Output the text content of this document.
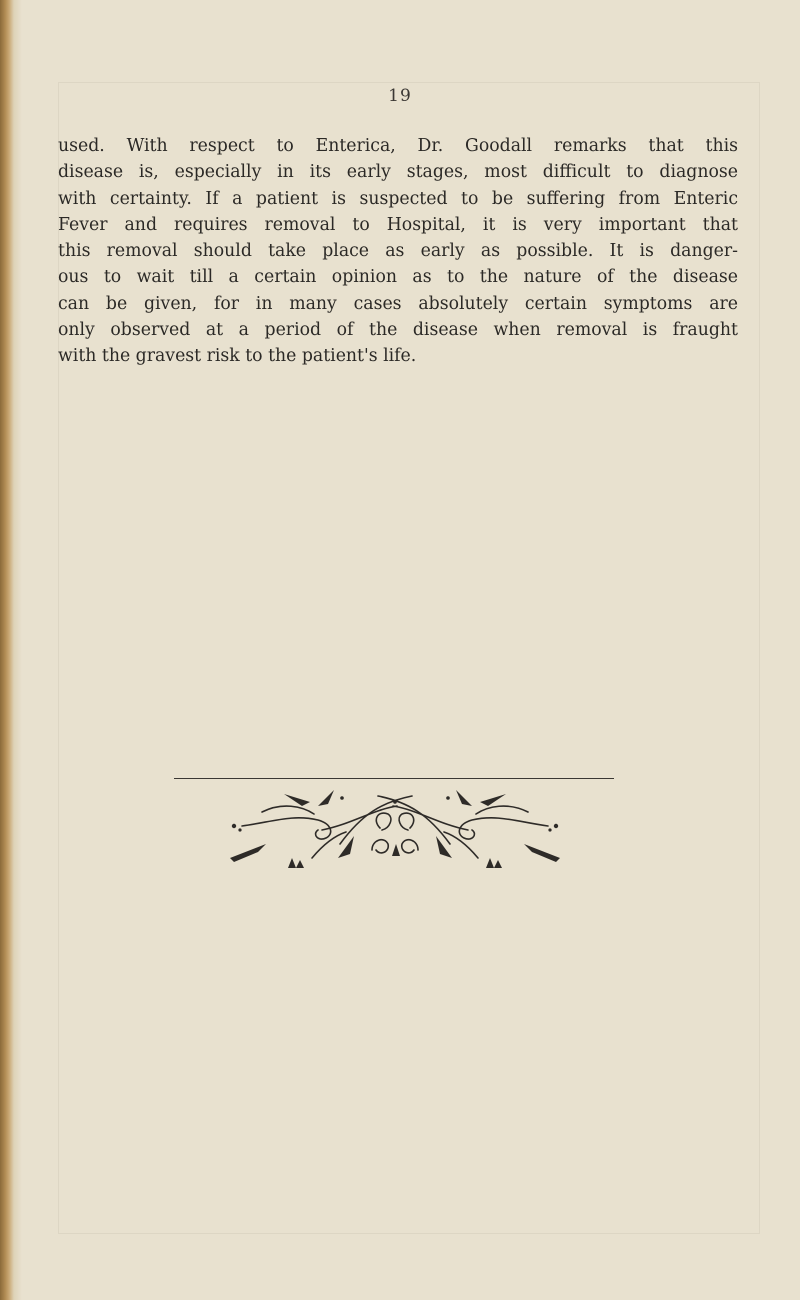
19
used. With respect to Enterica, Dr. Goodall remarks that this
disease is, especially in its early stages, most difficult to diagnose
with certainty. If a patient is suspected to be suffering from Enteric
Fever and requires removal to Hospital, it is very important that
this removal should take place as early as possible. It is danger-
ous to wait till a certain opinion as to the nature of the disease
can be given, for in many cases absolutely certain symptoms are
only observed at a period of the disease when removal is fraught
with the gravest risk to the patient's life.
